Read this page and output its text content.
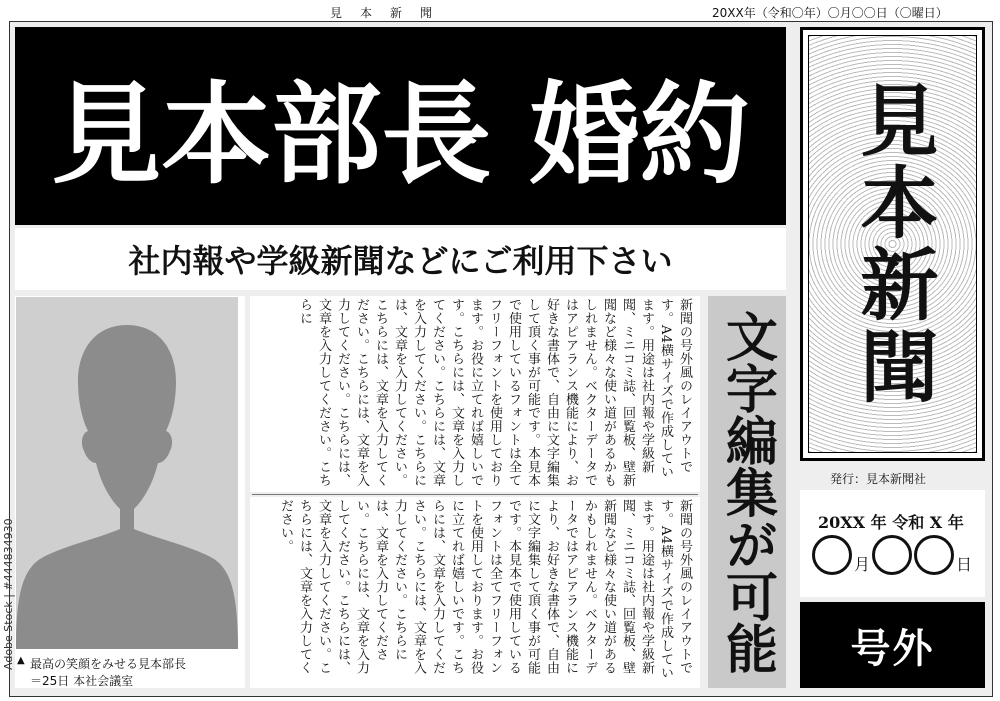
見本新聞	20XX年（令和〇年）〇月〇〇日（〇曜日）
見本部長 婚約
社内報や学級新聞などにご利用下さい
▲ 最高の笑顔をみせる見本部長
＝25日 本社会議室
Adobe Stock | #444834930
新聞の号外風のレイアウトです。A4横サイズで作成しています。用途は社内報や学級新聞、ミニコミ誌、回覧板、壁新聞など様々な使い道があるかもしれません。ベクターデータではアピアランス機能により、お好きな書体で、自由に文字編集して頂く事が可能です。本見本で使用しているフォントは全てフリーフォントを使用しております。お役に立てれば嬉しいです。こちらには、文章を入力してください。こちらには、文章を入力してください。こちらには、文章を入力してください。こちらには、文章を入力してください。こちらには、文章を入力してください。こちらには、文章を入力してください。こちらに
新聞の号外風のレイアウトです。A4横サイズで作成しています。用途は社内報や学級新聞、ミニコミ誌、回覧板、壁新聞など様々な使い道があるかもしれません。ベクターデータではアピアランス機能により、お好きな書体で、自由に文字編集して頂く事が可能です。本見本で使用しているフォントは全てフリーフォントを使用しております。お役に立てれば嬉しいです。こちらには、文章を入力してください。こちらには、文章を入力してください。こちらには、文章を入力してください。こちらには、文章を入力してください。こちらには、文章を入力してください。こちらには、文章を入力してください。	文字編集が可能
見本新聞
発行：見本新聞社
20XX 年 令和 X 年
月	日
号外
